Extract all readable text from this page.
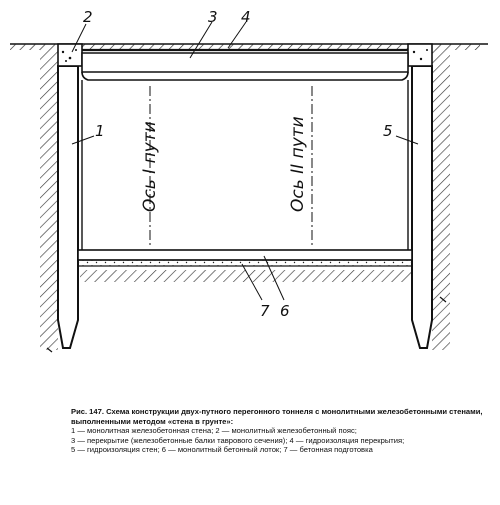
2	3 4
1	5
7 6
Ось I пути	Ось II пути
Рис. 147. Схема конструкции двух-путного перегонного тоннеля с монолитными железобетонными стенами, выполненными методом «стена в грунте»:
1 — монолитная железобетонная стена; 2 — монолитный железобетонный пояс;
3 — перекрытие (железобетонные балки таврового сечения); 4 — гидроизоляция перекрытия;
5 — гидроизоляция стен; 6 — монолитный бетонный лоток; 7 — бетонная подготовка
